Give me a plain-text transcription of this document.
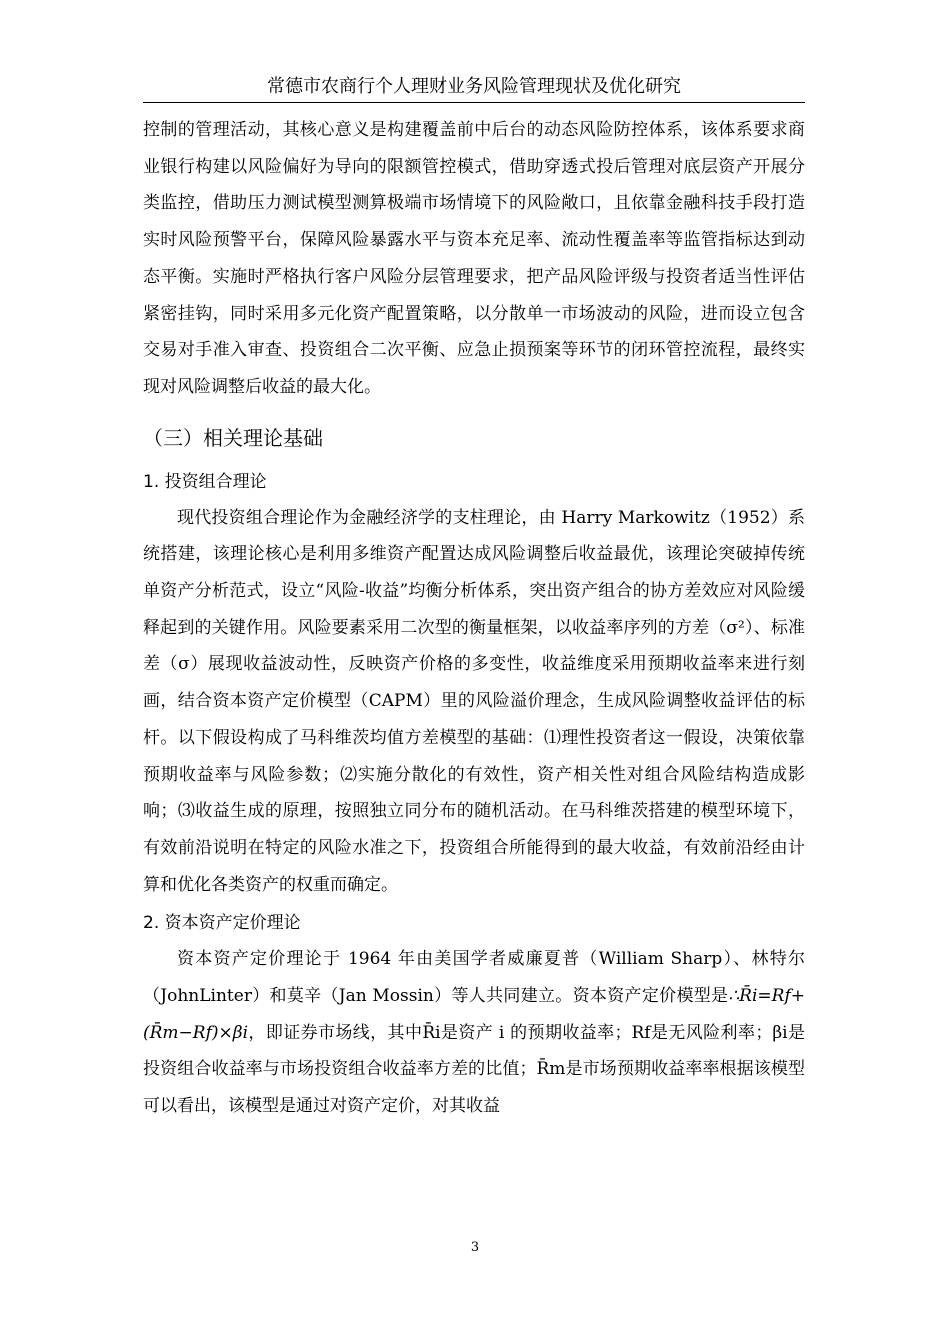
常德市农商行个人理财业务风险管理现状及优化研究

控制的管理活动，其核心意义是构建覆盖前中后台的动态风险防控体系，该体系要求商业银行构建以风险偏好为导向的限额管控模式，借助穿透式投后管理对底层资产开展分类监控，借助压力测试模型测算极端市场情境下的风险敞口，且依靠金融科技手段打造实时风险预警平台，保障风险暴露水平与资本充足率、流动性覆盖率等监管指标达到动态平衡。实施时严格执行客户风险分层管理要求，把产品风险评级与投资者适当性评估紧密挂钩，同时采用多元化资产配置策略，以分散单一市场波动的风险，进而设立包含交易对手准入审查、投资组合二次平衡、应急止损预案等环节的闭环管控流程，最终实现对风险调整后收益的最大化。

（三）相关理论基础
1. 投资组合理论

现代投资组合理论作为金融经济学的支柱理论，由 Harry Markowitz（1952）系统搭建，该理论核心是利用多维资产配置达成风险调整后收益最优，该理论突破掉传统单资产分析范式，设立“风险-收益”均衡分析体系，突出资产组合的协方差效应对风险缓释起到的关键作用。风险要素采用二次型的衡量框架，以收益率序列的方差（σ²）、标准差（σ）展现收益波动性，反映资产价格的多变性，收益维度采用预期收益率来进行刻画，结合资本资产定价模型（CAPM）里的风险溢价理念，生成风险调整收益评估的标杆。以下假设构成了马科维茨均值方差模型的基础：⑴理性投资者这一假设，决策依靠预期收益率与风险参数；⑵实施分散化的有效性，资产相关性对组合风险结构造成影响；⑶收益生成的原理，按照独立同分布的随机活动。在马科维茨搭建的模型环境下，有效前沿说明在特定的风险水准之下，投资组合所能得到的最大收益，有效前沿经由计算和优化各类资产的权重而确定。

2. 资本资产定价理论

资本资产定价理论于 1964 年由美国学者威廉夏普（William Sharp）、林特尔（JohnLinter）和莫辛（Jan Mossin）等人共同建立。资本资产定价模型是∴R̄i=Rf+(R̄m−Rf)×βi，即证券市场线，其中R̄i是资产 i 的预期收益率；Rf是无风险利率；βi是投资组合收益率与市场投资组合收益率方差的比值；R̄m是市场预期收益率率根据该模型可以看出，该模型是通过对资产定价，对其收益

3
